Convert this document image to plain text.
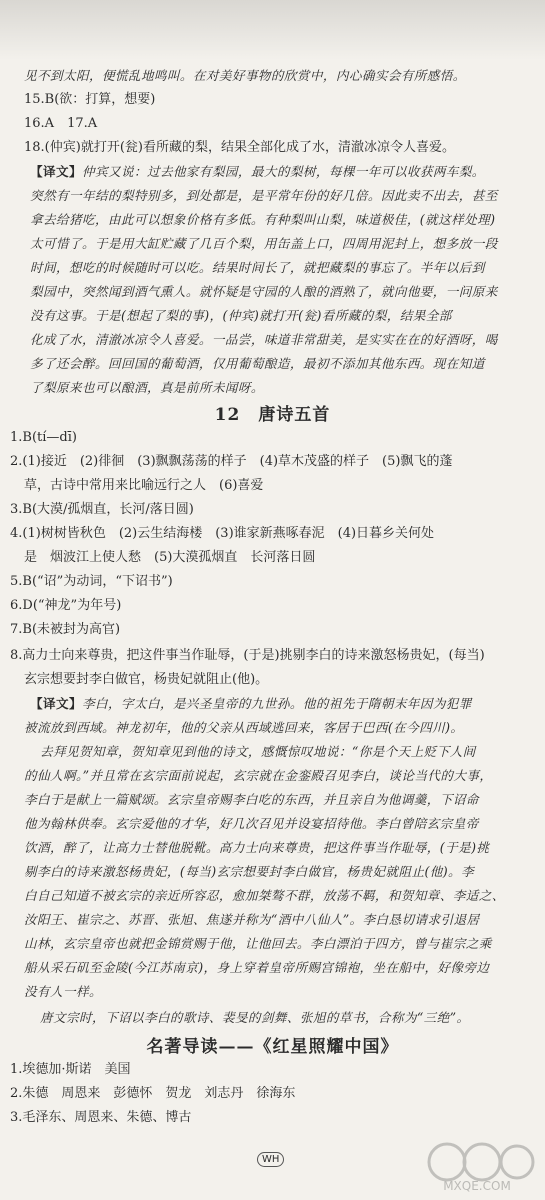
12　唐诗五首
名著导读——《红星照耀中国》
见不到太阳，便慌乱地鸣叫。在对美好事物的欣赏中，内心确实会有所感悟。
15.B(欲：打算，想要)
16.A　17.A
18.(仲宾)就打开(瓮)看所藏的梨，结果全部化成了水，清澈冰凉令人喜爱。
【译文】仲宾又说：过去他家有梨园，最大的梨树，每棵一年可以收获两车梨。
突然有一年结的梨特别多，到处都是，是平常年份的好几倍。因此卖不出去，甚至
拿去给猪吃，由此可以想象价格有多低。有种梨叫山梨，味道极佳，(就这样处理)
太可惜了。于是用大缸贮藏了几百个梨，用缶盖上口，四周用泥封上，想多放一段
时间，想吃的时候随时可以吃。结果时间长了，就把藏梨的事忘了。半年以后到
梨园中，突然闻到酒气熏人。就怀疑是守园的人酿的酒熟了，就向他要，一问原来
没有这事。于是(想起了梨的事)，(仲宾)就打开(瓮)看所藏的梨，结果全部
化成了水，清澈冰凉令人喜爱。一品尝，味道非常甜美，是实实在在的好酒呀，喝
多了还会醉。回回国的葡萄酒，仅用葡萄酿造，最初不添加其他东西。现在知道
了梨原来也可以酿酒，真是前所未闻呀。
1.B(tí—dī)
2.(1)接近　(2)徘徊　(3)飘飘荡荡的样子　(4)草木茂盛的样子　(5)飘飞的蓬
草，古诗中常用来比喻远行之人　(6)喜爱
3.B(大漠/孤烟直，长河/落日圆)
4.(1)树树皆秋色　(2)云生结海楼　(3)谁家新燕啄春泥　(4)日暮乡关何处
是　烟波江上使人愁　(5)大漠孤烟直　长河落日圆
5.B(“诏”为动词，“下诏书”)
6.D(“神龙”为年号)
7.B(未被封为高官)
8.高力士向来尊贵，把这件事当作耻辱，(于是)挑剔李白的诗来激怒杨贵妃，(每当)
玄宗想要封李白做官，杨贵妃就阻止(他)。
【译文】李白，字太白，是兴圣皇帝的九世孙。他的祖先于隋朝末年因为犯罪
被流放到西域。神龙初年，他的父亲从西域逃回来，客居于巴西(在今四川)。
去拜见贺知章，贺知章见到他的诗文，感慨惊叹地说：“你是个天上贬下人间
的仙人啊。”并且常在玄宗面前说起，玄宗就在金銮殿召见李白，谈论当代的大事，
李白于是献上一篇赋颂。玄宗皇帝赐李白吃的东西，并且亲自为他调羹，下诏命
他为翰林供奉。玄宗爱他的才华，好几次召见并设宴招待他。李白曾陪玄宗皇帝
饮酒，醉了，让高力士替他脱靴。高力士向来尊贵，把这件事当作耻辱，(于是)挑
剔李白的诗来激怒杨贵妃，(每当)玄宗想要封李白做官，杨贵妃就阻止(他)。李
白自己知道不被玄宗的亲近所容忍，愈加桀骜不群，放荡不羁，和贺知章、李适之、
汝阳王、崔宗之、苏晋、张旭、焦遂并称为“酒中八仙人”。李白恳切请求引退居
山林，玄宗皇帝也就把金锦赏赐于他，让他回去。李白漂泊于四方，曾与崔宗之乘
船从采石矶至金陵(今江苏南京)，身上穿着皇帝所赐宫锦袍，坐在船中，好像旁边
没有人一样。
唐文宗时，下诏以李白的歌诗、裴旻的剑舞、张旭的草书，合称为“三绝”。
1.埃德加·斯诺　美国
2.朱德　周恩来　彭德怀　贺龙　刘志丹　徐海东
3.毛泽东、周恩来、朱德、博古
WH
MXQE.COM
